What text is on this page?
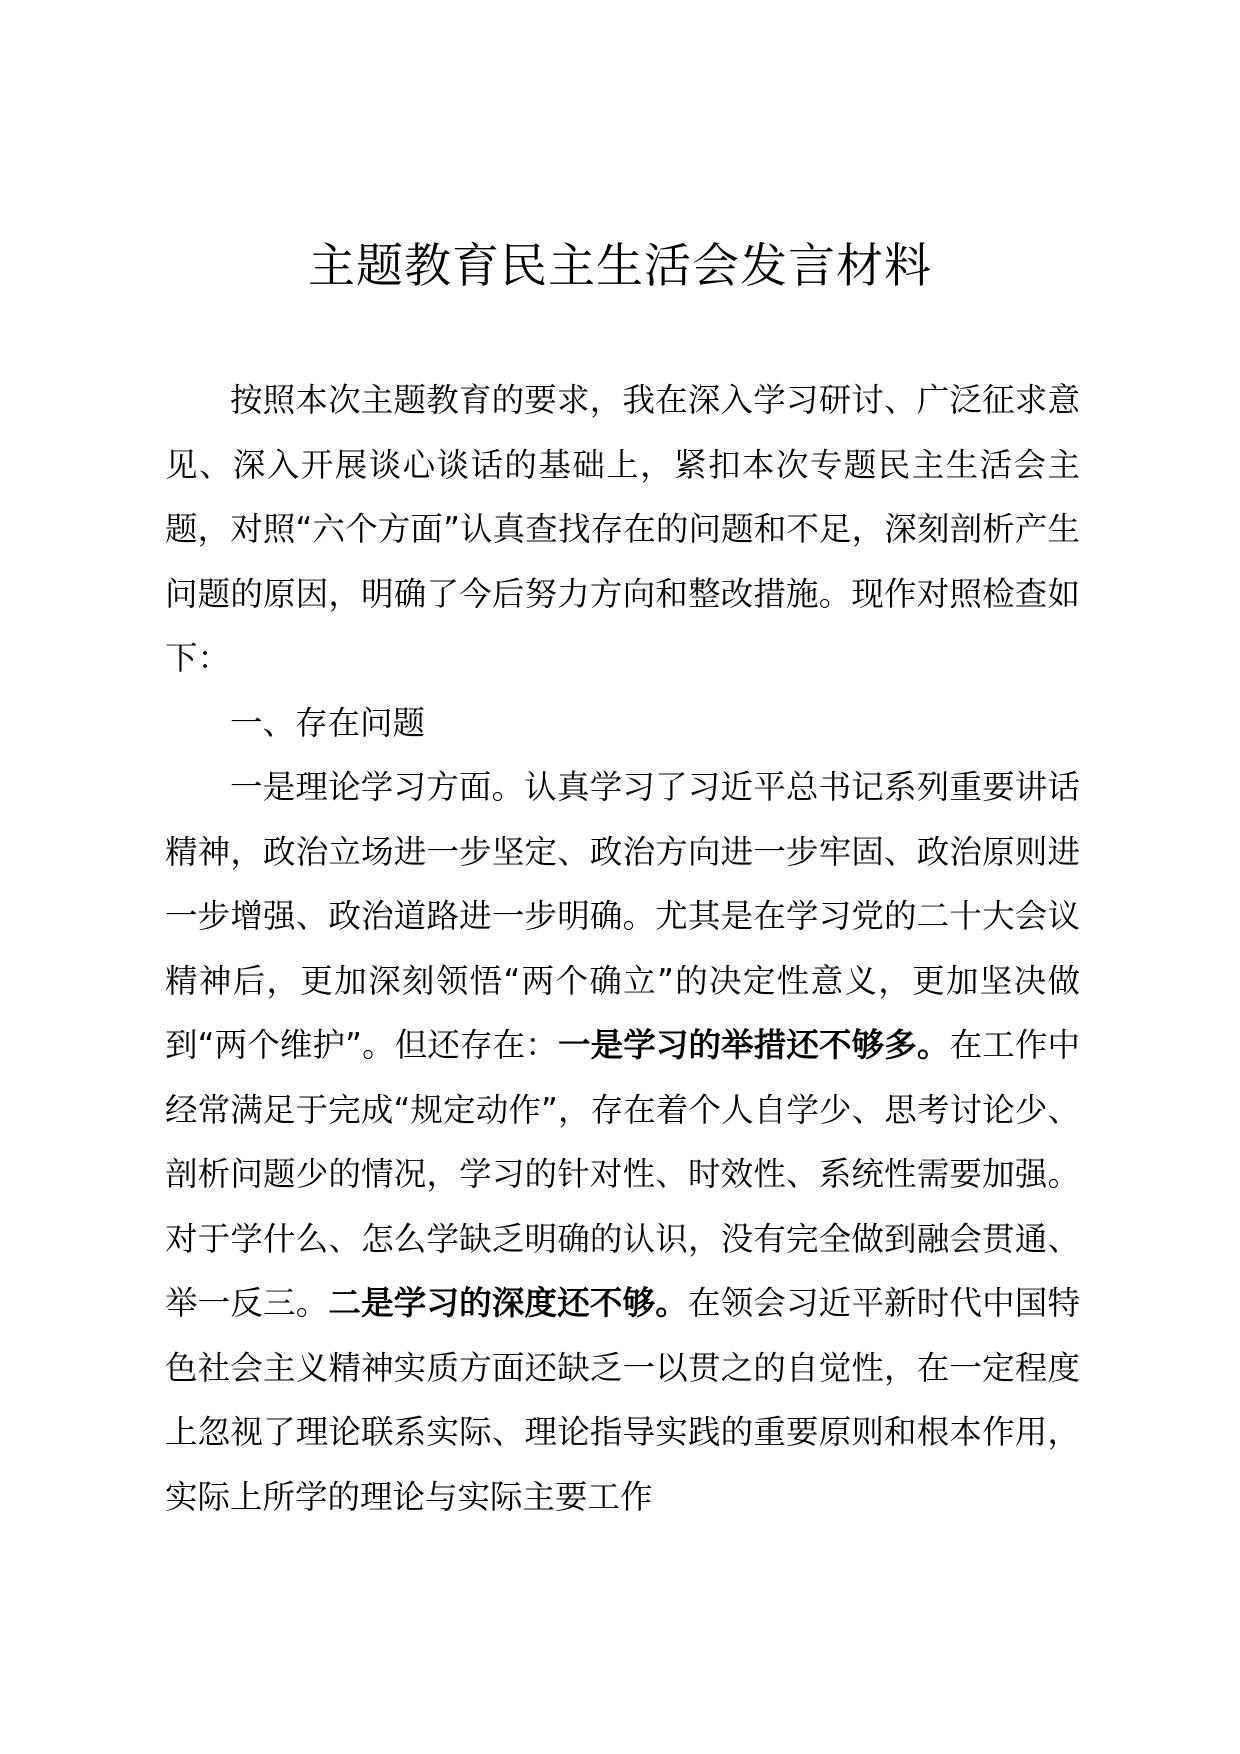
主题教育民主生活会发言材料

按照本次主题教育的要求，我在深入学习研讨、广泛征求意见、深入开展谈心谈话的基础上，紧扣本次专题民主生活会主题，对照“六个方面”认真查找存在的问题和不足，深刻剖析产生问题的原因，明确了今后努力方向和整改措施。现作对照检查如下：

一、存在问题

一是理论学习方面。认真学习了习近平总书记系列重要讲话精神，政治立场进一步坚定、政治方向进一步牢固、政治原则进一步增强、政治道路进一步明确。尤其是在学习党的二十大会议精神后，更加深刻领悟“两个确立”的决定性意义，更加坚决做到“两个维护”。但还存在：一是学习的举措还不够多。在工作中经常满足于完成“规定动作”，存在着个人自学少、思考讨论少、剖析问题少的情况，学习的针对性、时效性、系统性需要加强。对于学什么、怎么学缺乏明确的认识，没有完全做到融会贯通、举一反三。二是学习的深度还不够。在领会习近平新时代中国特色社会主义精神实质方面还缺乏一以贯之的自觉性，在一定程度上忽视了理论联系实际、理论指导实践的重要原则和根本作用，实际上所学的理论与实际主要工作
